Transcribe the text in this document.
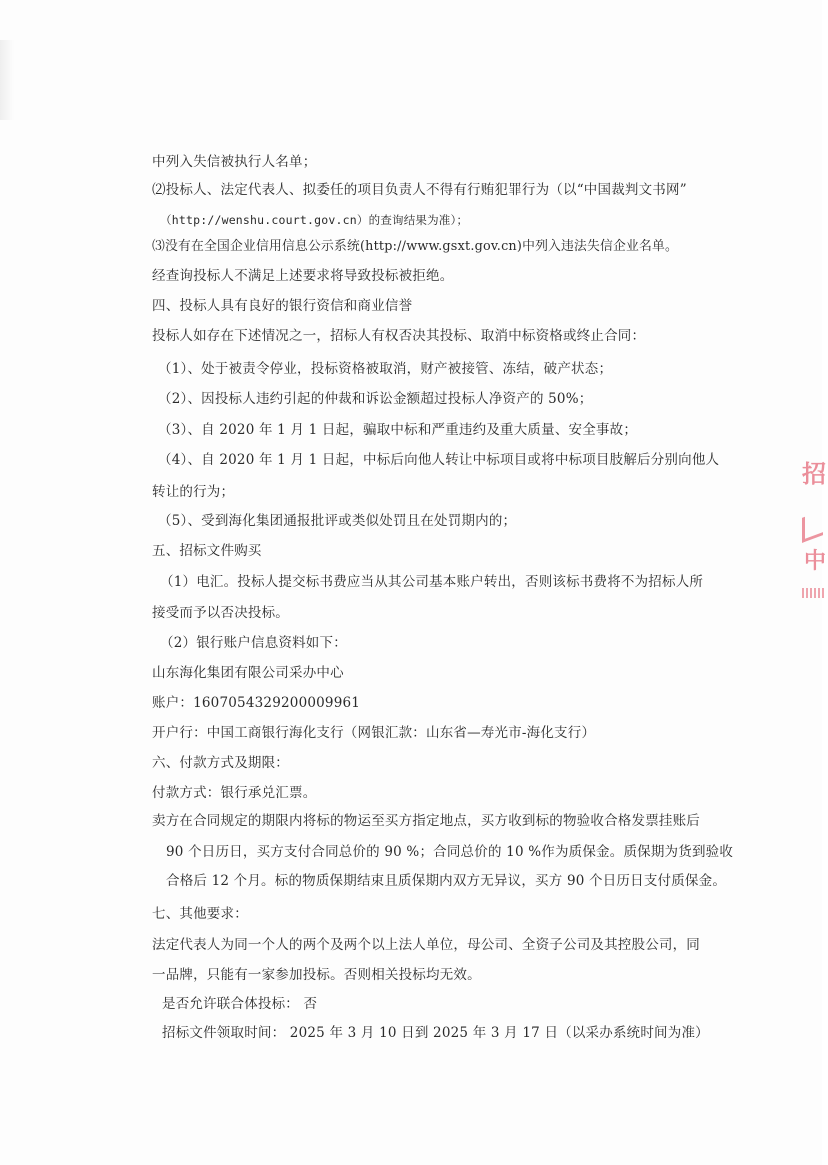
中列入失信被执行人名单；
⑵投标人、法定代表人、拟委任的项目负责人不得有行贿犯罪行为（以“中国裁判文书网”
（http://wenshu.court.gov.cn）的查询结果为准）；
⑶没有在全国企业信用信息公示系统(http://www.gsxt.gov.cn)中列入违法失信企业名单。
经查询投标人不满足上述要求将导致投标被拒绝。
四、投标人具有良好的银行资信和商业信誉
投标人如存在下述情况之一，招标人有权否决其投标、取消中标资格或终止合同：
（1）、处于被责令停业，投标资格被取消，财产被接管、冻结，破产状态；
（2）、因投标人违约引起的仲裁和诉讼金额超过投标人净资产的 50%；
（3）、自 2020 年 1 月 1 日起，骗取中标和严重违约及重大质量、安全事故；
（4）、自 2020 年 1 月 1 日起，中标后向他人转让中标项目或将中标项目肢解后分别向他人
转让的行为；
（5）、受到海化集团通报批评或类似处罚且在处罚期内的；
五、招标文件购买
（1）电汇。投标人提交标书费应当从其公司基本账户转出，否则该标书费将不为招标人所
接受而予以否决投标。
（2）银行账户信息资料如下：
山东海化集团有限公司采办中心
账户：1607054329200009961
开户行：中国工商银行海化支行（网银汇款：山东省—寿光市-海化支行）
六、付款方式及期限：
付款方式：银行承兑汇票。
卖方在合同规定的期限内将标的物运至买方指定地点，买方收到标的物验收合格发票挂账后
90 个日历日，买方支付合同总价的 90 %；合同总价的 10 %作为质保金。质保期为货到验收
合格后 12 个月。标的物质保期结束且质保期内双方无异议，买方 90 个日历日支付质保金。
七、其他要求：
法定代表人为同一个人的两个及两个以上法人单位，母公司、全资子公司及其控股公司，同
一品牌，只能有一家参加投标。否则相关投标均无效。
是否允许联合体投标： 否
招标文件领取时间： 2025 年 3 月 10 日到 2025 年 3 月 17 日（以采办系统时间为准）
招
中
